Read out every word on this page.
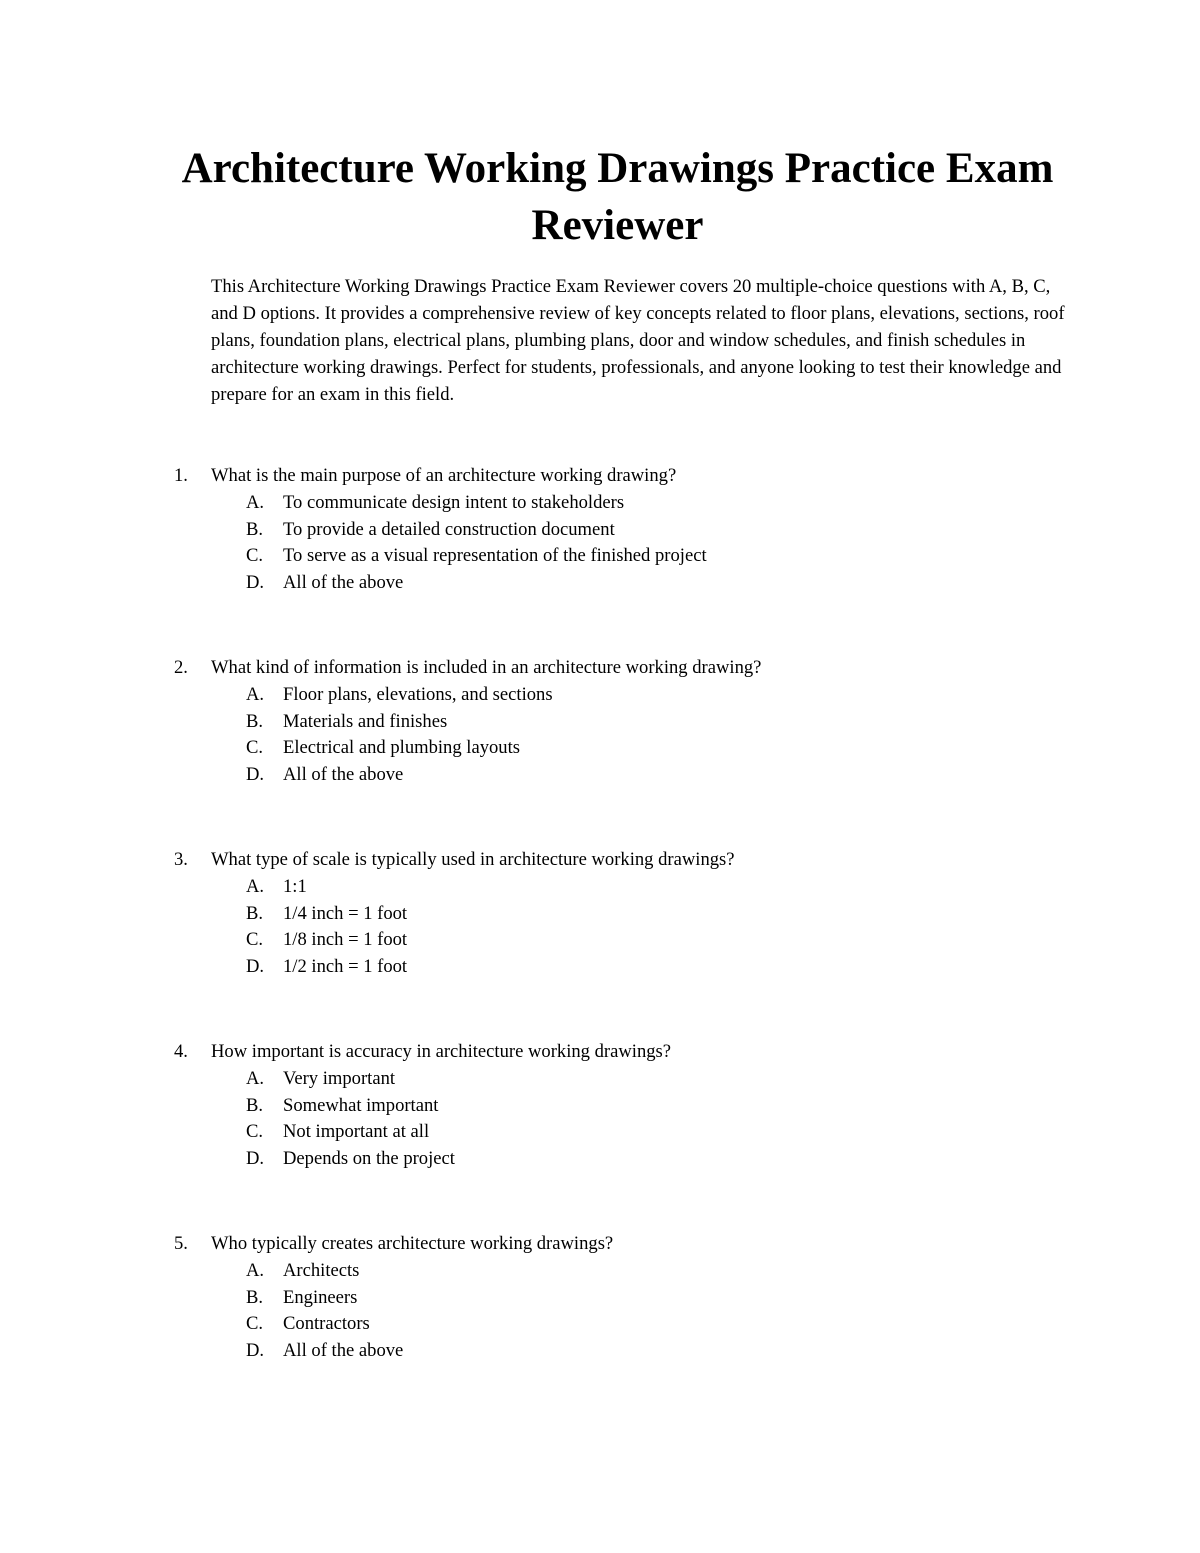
Architecture Working Drawings Practice Exam Reviewer

This Architecture Working Drawings Practice Exam Reviewer covers 20 multiple-choice questions with A, B, C, and D options. It provides a comprehensive review of key concepts related to floor plans, elevations, sections, roof plans, foundation plans, electrical plans, plumbing plans, door and window schedules, and finish schedules in architecture working drawings. Perfect for students, professionals, and anyone looking to test their knowledge and prepare for an exam in this field.

1. What is the main purpose of an architecture working drawing?
A. To communicate design intent to stakeholders
B. To provide a detailed construction document
C. To serve as a visual representation of the finished project
D. All of the above
2. What kind of information is included in an architecture working drawing?
A. Floor plans, elevations, and sections
B. Materials and finishes
C. Electrical and plumbing layouts
D. All of the above
3. What type of scale is typically used in architecture working drawings?
A. 1:1
B. 1/4 inch = 1 foot
C. 1/8 inch = 1 foot
D. 1/2 inch = 1 foot
4. How important is accuracy in architecture working drawings?
A. Very important
B. Somewhat important
C. Not important at all
D. Depends on the project
5. Who typically creates architecture working drawings?
A. Architects
B. Engineers
C. Contractors
D. All of the above
